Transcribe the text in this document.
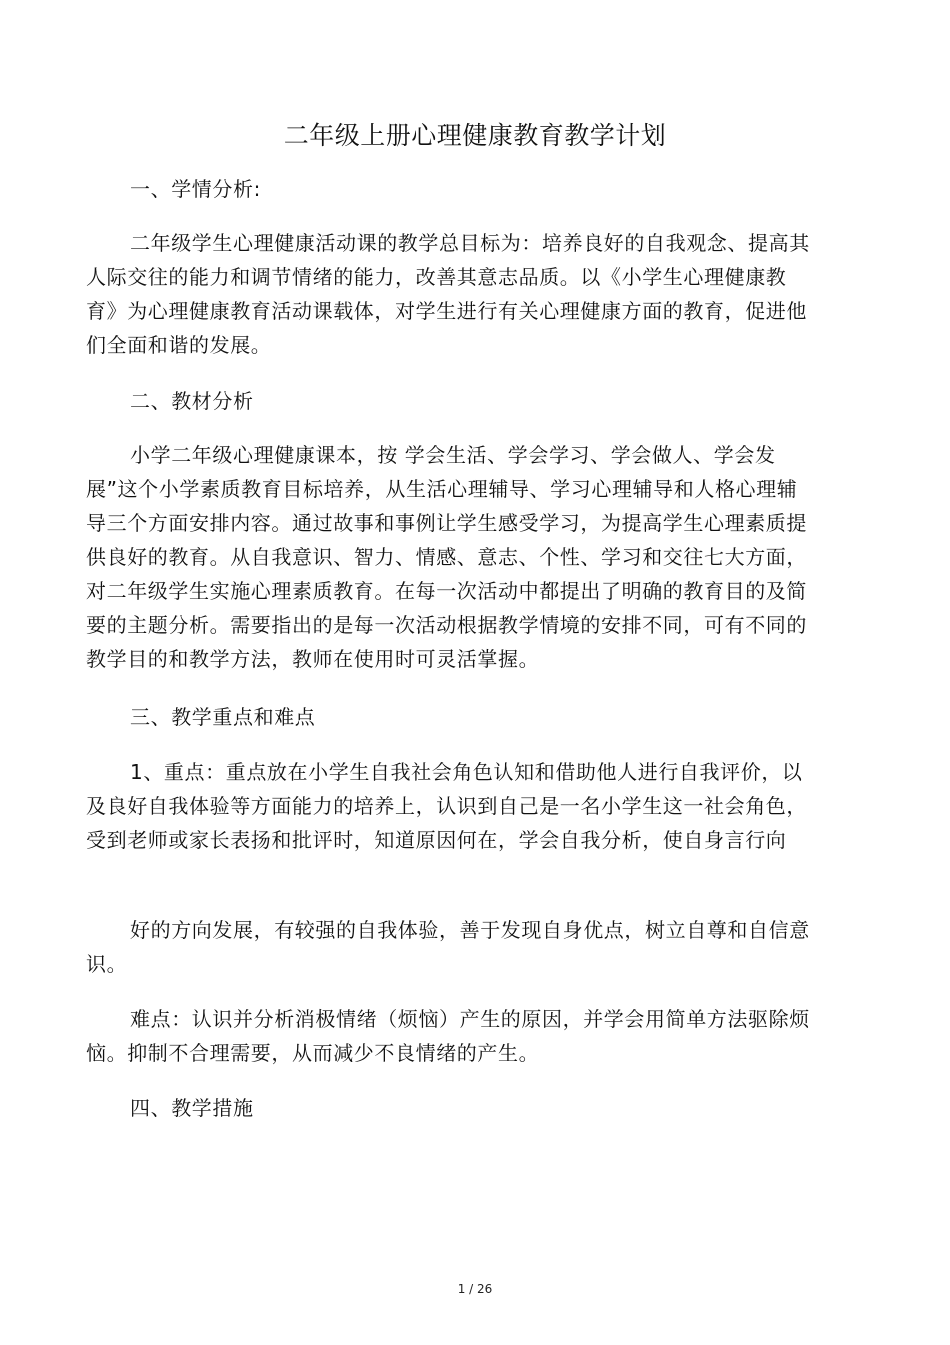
二年级上册心理健康教育教学计划

一、学情分析:

二年级学生心理健康活动课的教学总目标为：培养良好的自我观念、提高其人际交往的能力和调节情绪的能力，改善其意志品质。以《小学生心理健康教育》为心理健康教育活动课载体，对学生进行有关心理健康方面的教育，促进他们全面和谐的发展。

二、教材分析

小学二年级心理健康课本，按 学会生活、学会学习、学会做人、学会发展”这个小学素质教育目标培养，从生活心理辅导、学习心理辅导和人格心理辅导三个方面安排内容。通过故事和事例让学生感受学习，为提高学生心理素质提供良好的教育。从自我意识、智力、情感、意志、个性、学习和交往七大方面，对二年级学生实施心理素质教育。在每一次活动中都提出了明确的教育目的及简要的主题分析。需要指出的是每一次活动根据教学情境的安排不同，可有不同的教学目的和教学方法，教师在使用时可灵活掌握。

三、教学重点和难点

1、重点：重点放在小学生自我社会角色认知和借助他人进行自我评价，以及良好自我体验等方面能力的培养上，认识到自己是一名小学生这一社会角色，受到老师或家长表扬和批评时，知道原因何在，学会自我分析，使自身言行向

好的方向发展，有较强的自我体验，善于发现自身优点，树立自尊和自信意识。

难点：认识并分析消极情绪（烦恼）产生的原因，并学会用简单方法驱除烦恼。抑制不合理需要，从而减少不良情绪的产生。

四、教学措施

1 / 26
